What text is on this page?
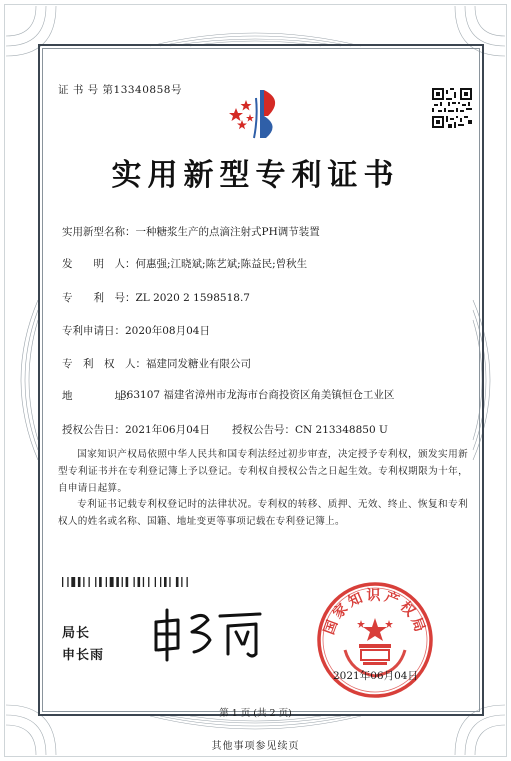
证 书 号 第13340858号
实用新型专利证书
实用新型名称：一种糖浆生产的点滴注射式PH调节装置
发　　明　人：何惠强;江晓斌;陈艺斌;陈益民;曾秋生
专　　利　号：ZL 2020 2 1598518.7
专利申请日：2020年08月04日
专　利　权　人：福建同发糖业有限公司
地　　　　址：
363107 福建省漳州市龙海市台商投资区角美镇恒仓工业区
授权公告日：2021年06月04日 授权公告号：CN 213348850 U
国家知识产权局依照中华人民共和国专利法经过初步审查，决定授予专利权，颁发实用新型专利证书并在专利登记簿上予以登记。专利权自授权公告之日起生效。专利权期限为十年，自申请日起算。
专利证书记载专利权登记时的法律状况。专利权的转移、质押、无效、终止、恢复和专利权人的姓名或名称、国籍、地址变更等事项记载在专利登记簿上。
局长
申长雨
国家知识产权局
2021年06月04日
第 1 页 (共 2 页)
其他事项参见续页
